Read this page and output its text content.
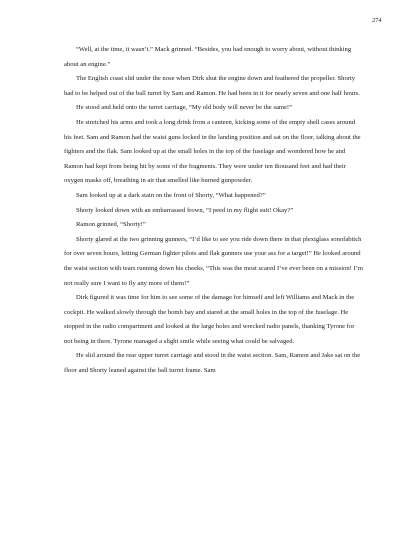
274

“Well, at the time, it wasn’t.” Mack grinned. “Besides, you had enough to worry about, without thinking about an engine.”

The English coast slid under the nose when Dirk shut the engine down and feathered the propeller. Shorty had to be helped out of the ball turret by Sam and Ramon. He had been in it for nearly seven and one half hours.

He stood and held onto the turret carriage, “My old body will never be the same!”

He stretched his arms and took a long drink from a canteen, kicking some of the empty shell cases around his feet. Sam and Ramon had the waist guns locked in the landing position and sat on the floor, talking about the fighters and the flak. Sam looked up at the small holes in the top of the fuselage and wondered how he and Ramon had kept from being hit by some of the fragments. They were under ten thousand feet and had their oxygen masks off, breathing in air that smelled like burned gunpowder.

Sam looked up at a dark stain on the front of Shorty, “What happened?”

Shorty looked down with an embarrassed frown, “I peed in my flight suit! Okay?”

Ramon grinned, “Shorty!”

Shorty glared at the two grinning gunners, “I’d like to see you ride down there in that plexiglass sonofabitch for over seven hours, letting German fighter pilots and flak gunners use your ass for a target!” He looked around the waist section with tears running down his cheeks, “This was the most scared I’ve ever been on a mission! I’m not really sure I want to fly any more of them!”

Dirk figured it was time for him to see some of the damage for himself and left Williams and Mack in the cockpit. He walked slowly through the bomb bay and stared at the small holes in the top of the fuselage. He stopped in the radio compartment and looked at the large holes and wrecked radio panels, thanking Tyrone for not being in there. Tyrone managed a slight smile while seeing what could be salvaged.

He slid around the rear upper turret carriage and stood in the waist section. Sam, Ramon and Jake sat on the floor and Shorty leaned against the ball turret frame. Sam
